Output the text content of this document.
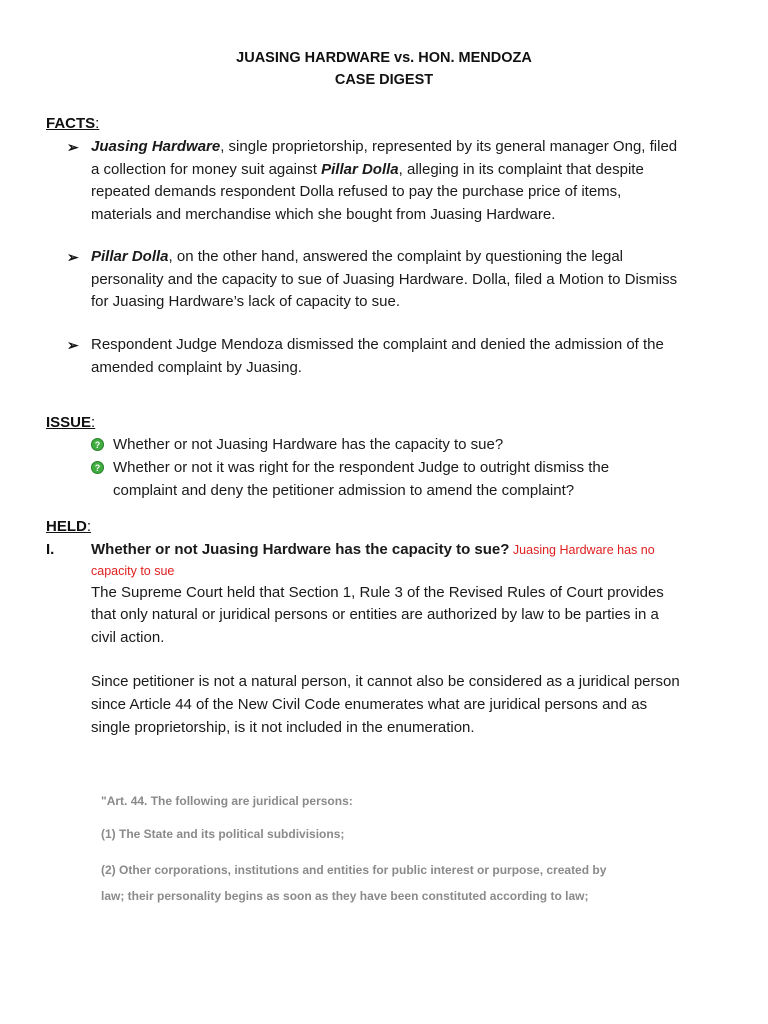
JUASING HARDWARE vs. HON. MENDOZA
CASE DIGEST
FACTS:
➢ Juasing Hardware, single proprietorship, represented by its general manager Ong, filed
a collection for money suit against Pillar Dolla, alleging in its complaint that despite
repeated demands respondent Dolla refused to pay the purchase price of items,
materials and merchandise which she bought from Juasing Hardware.
➢ Pillar Dolla, on the other hand, answered the complaint by questioning the legal
personality and the capacity to sue of Juasing Hardware. Dolla, filed a Motion to Dismiss
for Juasing Hardware’s lack of capacity to sue.
➢ Respondent Judge Mendoza dismissed the complaint and denied the admission of the
amended complaint by Juasing.
ISSUE:
? Whether or not Juasing Hardware has the capacity to sue?
? Whether or not it was right for the respondent Judge to outright dismiss the
complaint and deny the petitioner admission to amend the complaint?
HELD:
I. Whether or not Juasing Hardware has the capacity to sue? Juasing Hardware has no
capacity to sue
The Supreme Court held that Section 1, Rule 3 of the Revised Rules of Court provides
that only natural or juridical persons or entities are authorized by law to be parties in a
civil action.
Since petitioner is not a natural person, it cannot also be considered as a juridical person
since Article 44 of the New Civil Code enumerates what are juridical persons and as
single proprietorship, is it not included in the enumeration.
"Art. 44. The following are juridical persons:
(1) The State and its political subdivisions;
(2) Other corporations, institutions and entities for public interest or purpose, created by
law; their personality begins as soon as they have been constituted according to law;
